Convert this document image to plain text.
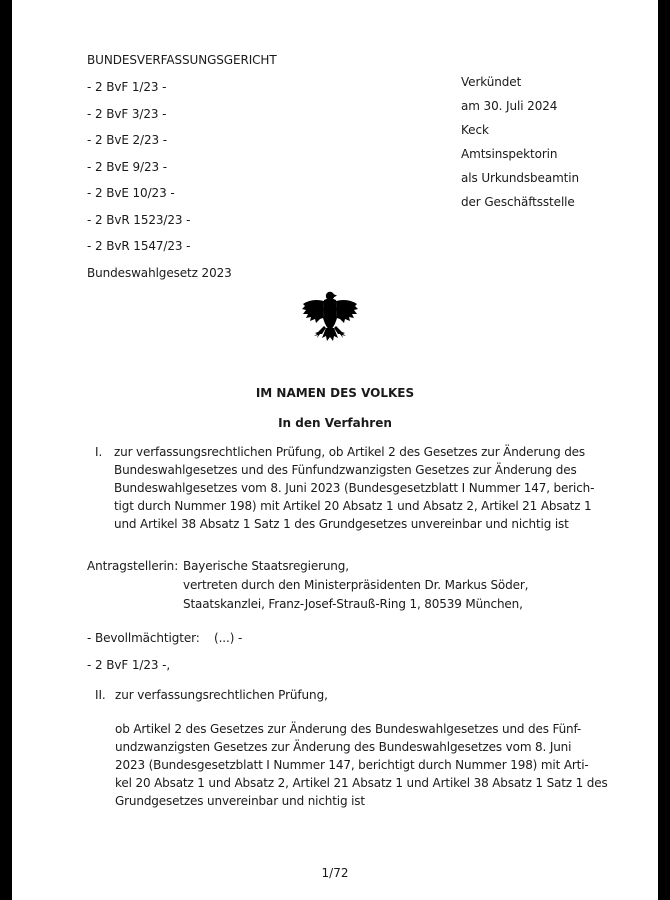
BUNDESVERFASSUNGSGERICHT
- 2 BvF 1/23 -
- 2 BvF 3/23 -
- 2 BvE 2/23 -
- 2 BvE 9/23 -
- 2 BvE 10/23 -
- 2 BvR 1523/23 -
- 2 BvR 1547/23 -
Bundeswahlgesetz 2023
Verkündet
am 30. Juli 2024
Keck
Amtsinspektorin
als Urkundsbeamtin
der Geschäftsstelle
IM NAMEN DES VOLKES
In den Verfahren
I. zur verfassungsrechtlichen Prüfung, ob Artikel 2 des Gesetzes zur Änderung des
Bundeswahlgesetzes und des Fünfundzwanzigsten Gesetzes zur Änderung des
Bundeswahlgesetzes vom 8. Juni 2023 (Bundesgesetzblatt I Nummer 147, berich-
tigt durch Nummer 198) mit Artikel 20 Absatz 1 und Absatz 2, Artikel 21 Absatz 1
und Artikel 38 Absatz 1 Satz 1 des Grundgesetzes unvereinbar und nichtig ist
Antragstellerin: Bayerische Staatsregierung,
vertreten durch den Ministerpräsidenten Dr. Markus Söder,
Staatskanzlei, Franz-Josef-Strauß-Ring 1, 80539 München,
- Bevollmächtigter: (...) -
- 2 BvF 1/23 -,
II. zur verfassungsrechtlichen Prüfung,
ob Artikel 2 des Gesetzes zur Änderung des Bundeswahlgesetzes und des Fünf-
undzwanzigsten Gesetzes zur Änderung des Bundeswahlgesetzes vom 8. Juni
2023 (Bundesgesetzblatt I Nummer 147, berichtigt durch Nummer 198) mit Arti-
kel 20 Absatz 1 und Absatz 2, Artikel 21 Absatz 1 und Artikel 38 Absatz 1 Satz 1 des
Grundgesetzes unvereinbar und nichtig ist
1/72
